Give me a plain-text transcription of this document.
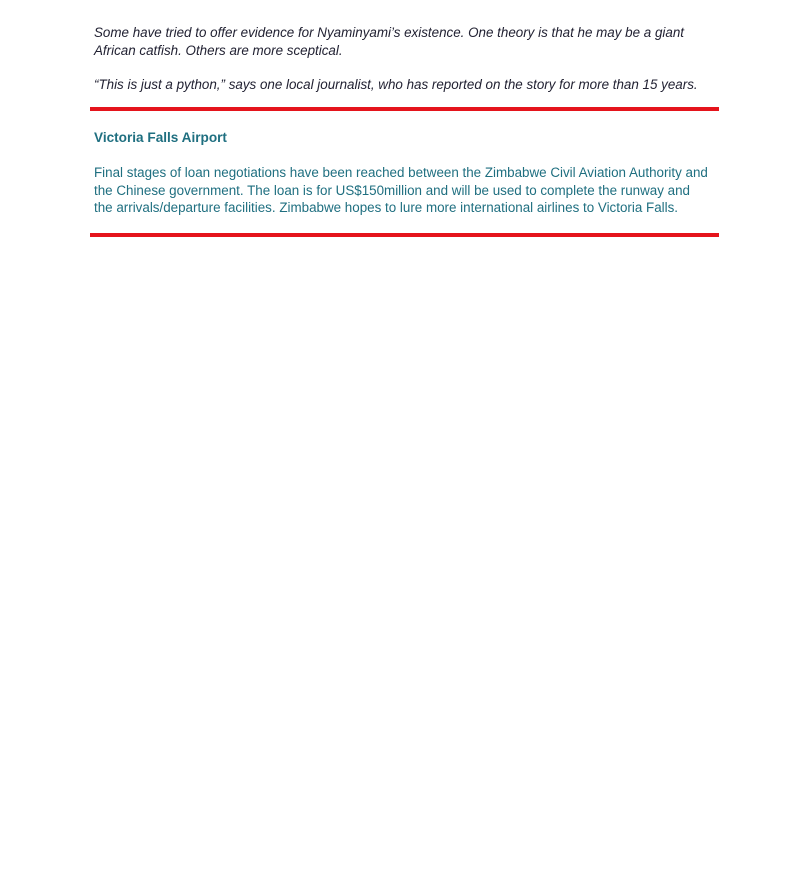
Some have tried to offer evidence for Nyaminyami’s existence. One theory is that he may be a giant African catfish. Others are more sceptical.

“This is just a python,” says one local journalist, who has reported on the story for more than 15 years.

Victoria Falls Airport

Final stages of loan negotiations have been reached between the Zimbabwe Civil Aviation Authority and the Chinese government. The loan is for US$150million and will be used to complete the runway and the arrivals/departure facilities. Zimbabwe hopes to lure more international airlines to Victoria Falls.
